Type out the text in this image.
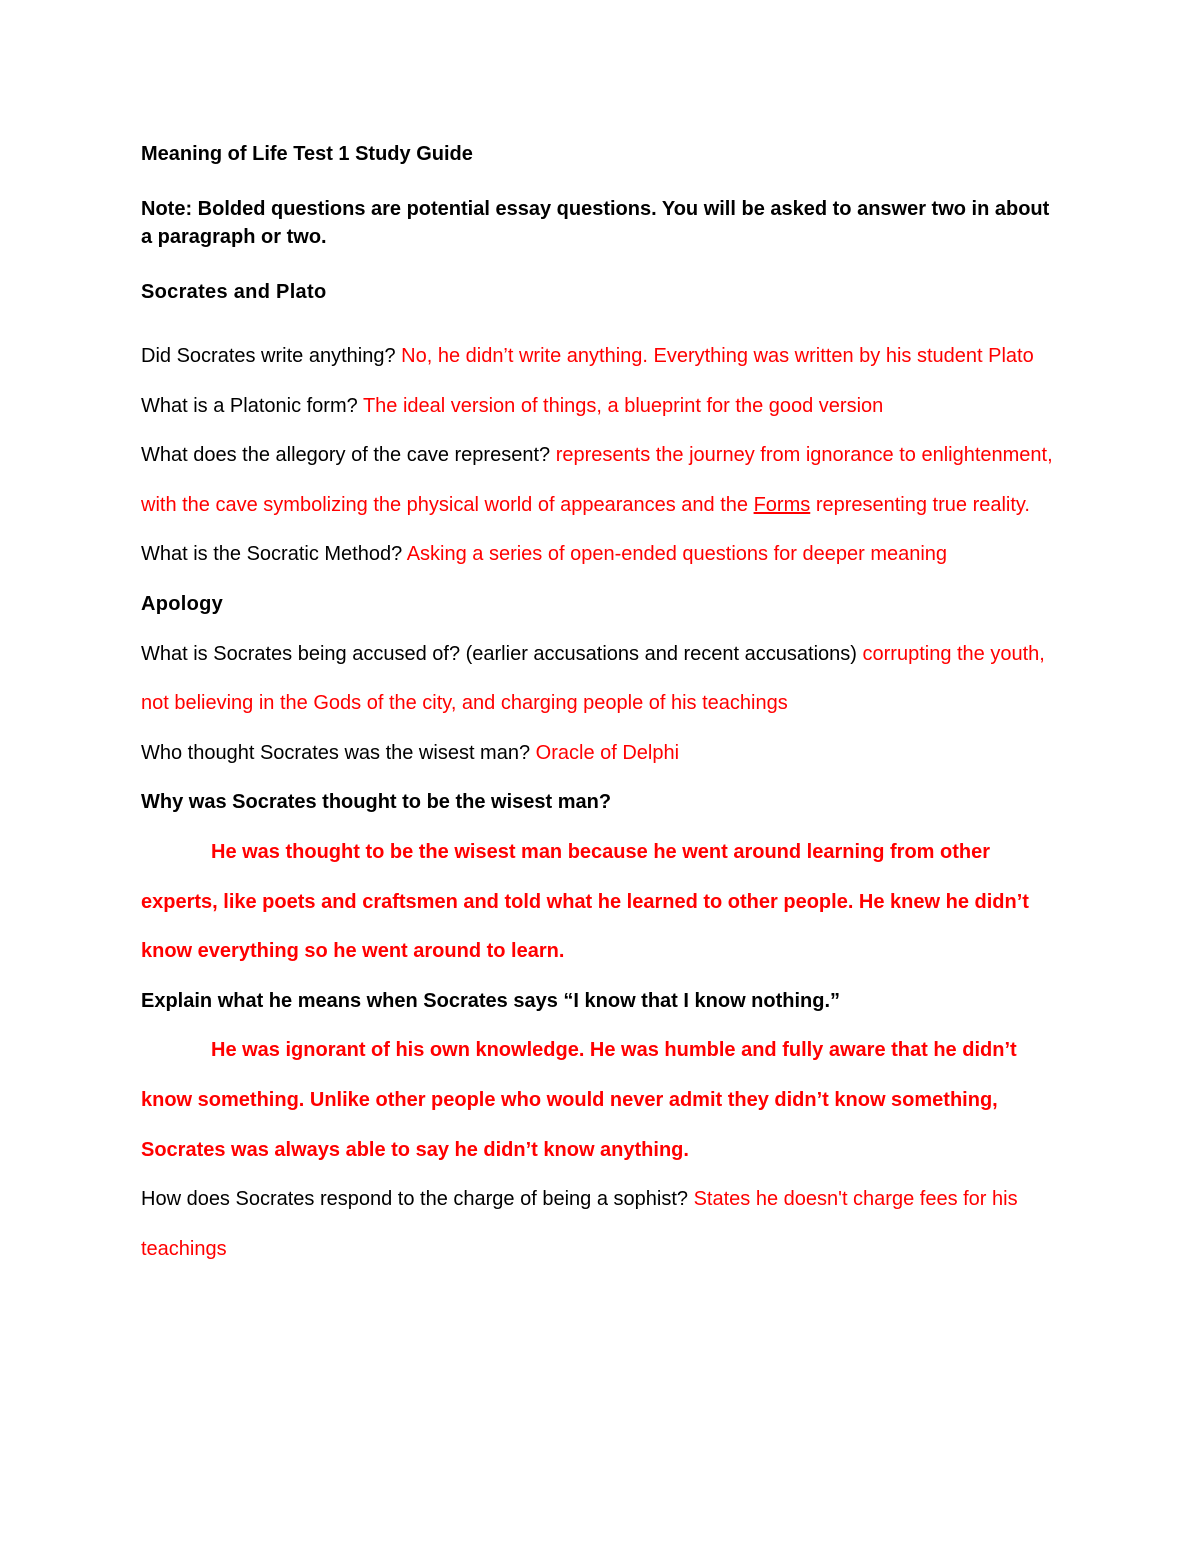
Meaning of Life Test 1 Study Guide

Note: Bolded questions are potential essay questions. You will be asked to answer two in about a paragraph or two.

Socrates and Plato

Did Socrates write anything? No, he didn’t write anything. Everything was written by his student Plato

What is a Platonic form? The ideal version of things, a blueprint for the good version

What does the allegory of the cave represent? represents the journey from ignorance to enlightenment, with the cave symbolizing the physical world of appearances and the Forms representing true reality.

What is the Socratic Method? Asking a series of open-ended questions for deeper meaning

Apology

What is Socrates being accused of? (earlier accusations and recent accusations) corrupting the youth, not believing in the Gods of the city, and charging people of his teachings

Who thought Socrates was the wisest man? Oracle of Delphi

Why was Socrates thought to be the wisest man?

He was thought to be the wisest man because he went around learning from other experts, like poets and craftsmen and told what he learned to other people. He knew he didn’t know everything so he went around to learn.

Explain what he means when Socrates says “I know that I know nothing.”

He was ignorant of his own knowledge. He was humble and fully aware that he didn’t know something. Unlike other people who would never admit they didn’t know something, Socrates was always able to say he didn’t know anything.

How does Socrates respond to the charge of being a sophist? States he doesn't charge fees for his teachings
